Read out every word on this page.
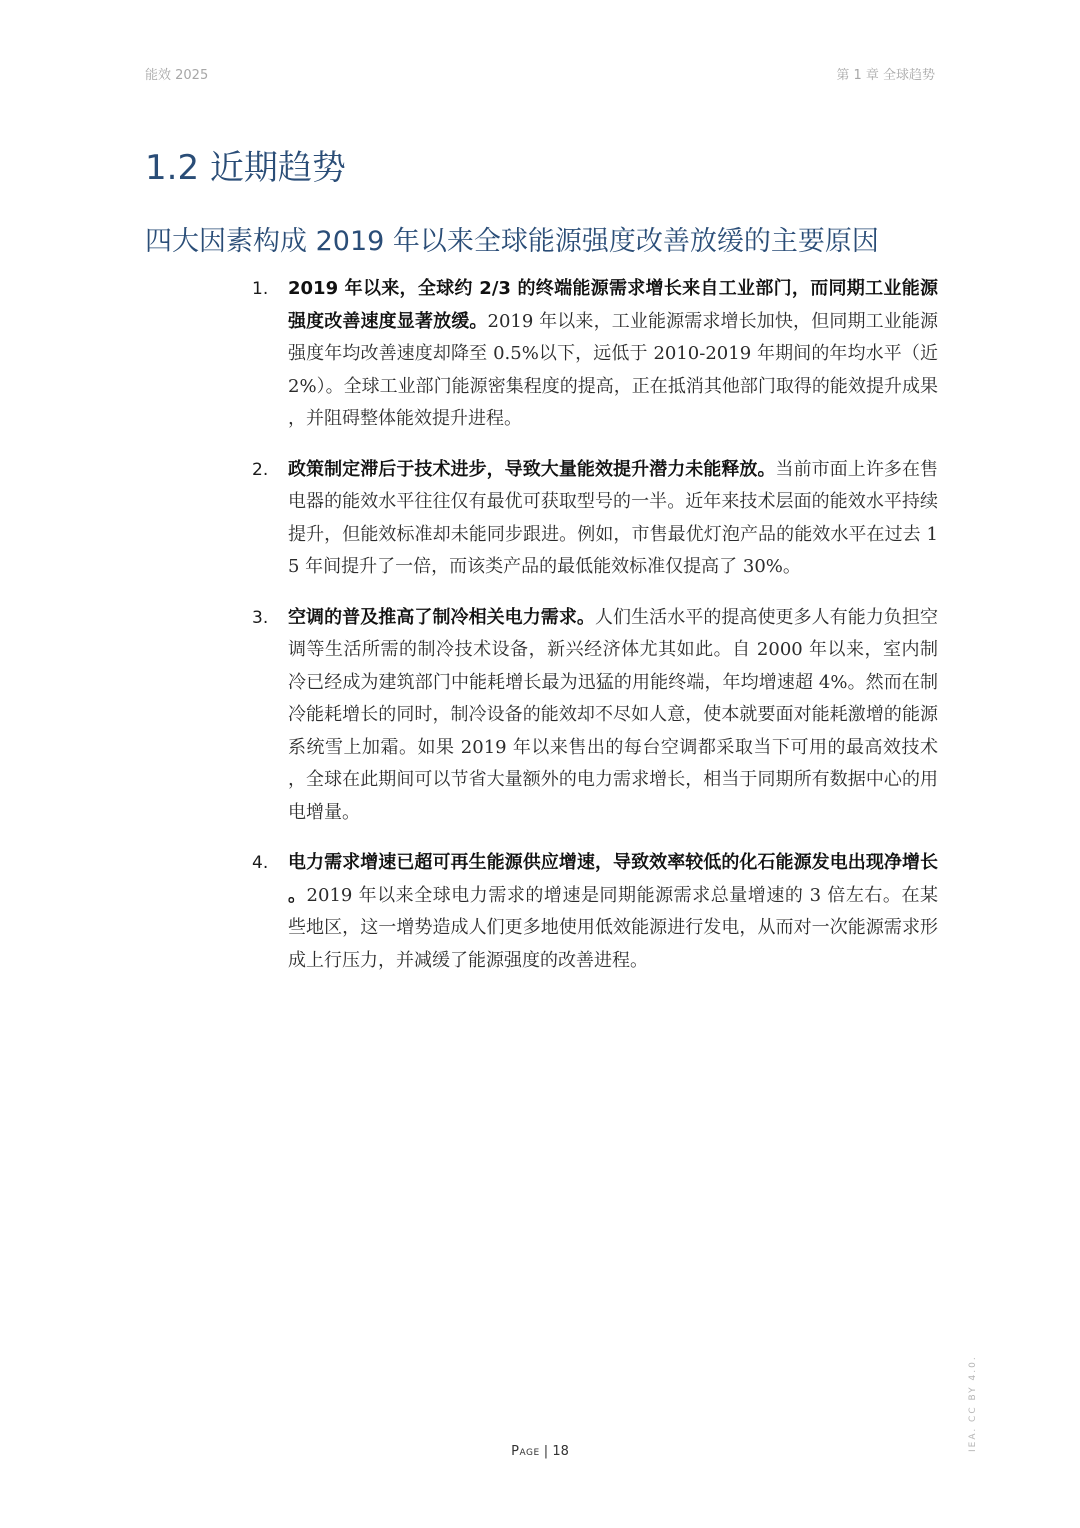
能效 2025	第 1 章 全球趋势
1.2 近期趋势
四大因素构成 2019 年以来全球能源强度改善放缓的主要原因
1. 2019 年以来，全球约 2/3 的终端能源需求增长来自工业部门，而同期工业能源强度改善速度显著放缓。2019 年以来，工业能源需求增长加快，但同期工业能源强度年均改善速度却降至 0.5%以下，远低于 2010-2019 年期间的年均水平（近 2%）。全球工业部门能源密集程度的提高，正在抵消其他部门取得的能效提升成果，并阻碍整体能效提升进程。
2. 政策制定滞后于技术进步，导致大量能效提升潜力未能释放。当前市面上许多在售电器的能效水平往往仅有最优可获取型号的一半。近年来技术层面的能效水平持续提升，但能效标准却未能同步跟进。例如，市售最优灯泡产品的能效水平在过去 15 年间提升了一倍，而该类产品的最低能效标准仅提高了 30%。
3. 空调的普及推高了制冷相关电力需求。人们生活水平的提高使更多人有能力负担空调等生活所需的制冷技术设备，新兴经济体尤其如此。自 2000 年以来，室内制冷已经成为建筑部门中能耗增长最为迅猛的用能终端，年均增速超 4%。然而在制冷能耗增长的同时，制冷设备的能效却不尽如人意，使本就要面对能耗激增的能源系统雪上加霜。如果 2019 年以来售出的每台空调都采取当下可用的最高效技术，全球在此期间可以节省大量额外的电力需求增长，相当于同期所有数据中心的用电增量。
4. 电力需求增速已超可再生能源供应增速，导致效率较低的化石能源发电出现净增长。2019 年以来全球电力需求的增速是同期能源需求总量增速的 3 倍左右。在某些地区，这一增势造成人们更多地使用低效能源进行发电，从而对一次能源需求形成上行压力，并减缓了能源强度的改善进程。
Page | 18	IEA. CC BY 4.0.
